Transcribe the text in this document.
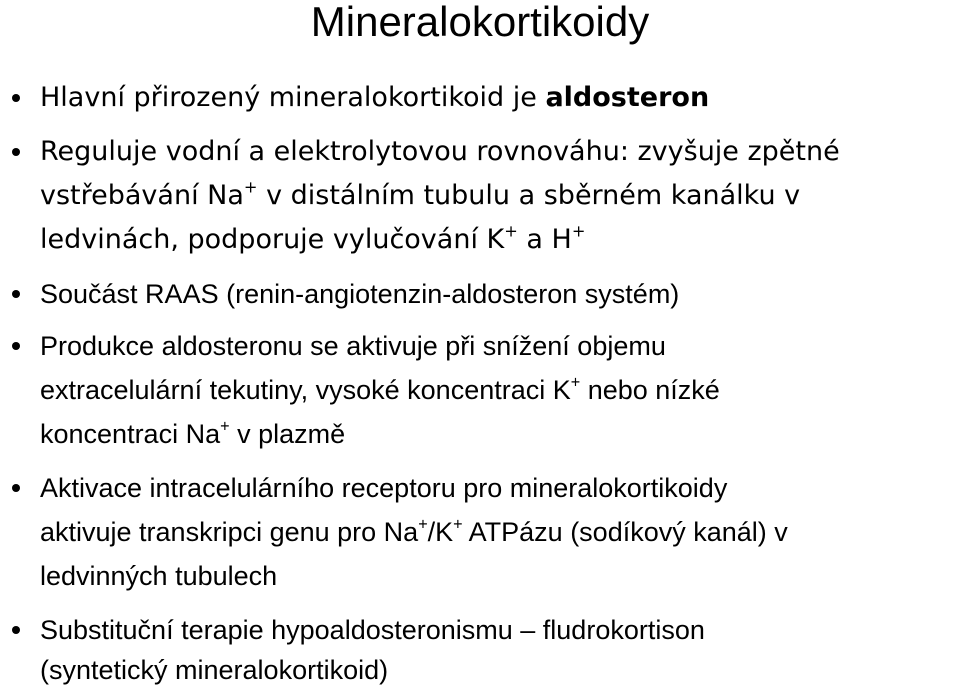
Mineralokortikoidy
Hlavní přirozený mineralokortikoid je aldosteron
Reguluje vodní a elektrolytovou rovnováhu: zvyšuje zpětné
vstřebávání Na+ v distálním tubulu a sběrném kanálku v
ledvinách, podporuje vylučování K+ a H+
Součást RAAS (renin-angiotenzin-aldosteron systém)
Produkce aldosteronu se aktivuje při snížení objemu
extracelulární tekutiny, vysoké koncentraci K+ nebo nízké
koncentraci Na+ v plazmě
Aktivace intracelulárního receptoru pro mineralokortikoidy
aktivuje transkripci genu pro Na+/K+ ATPázu (sodíkový kanál) v
ledvinných tubulech
Substituční terapie hypoaldosteronismu – fludrokortison
(syntetický mineralokortikoid)
